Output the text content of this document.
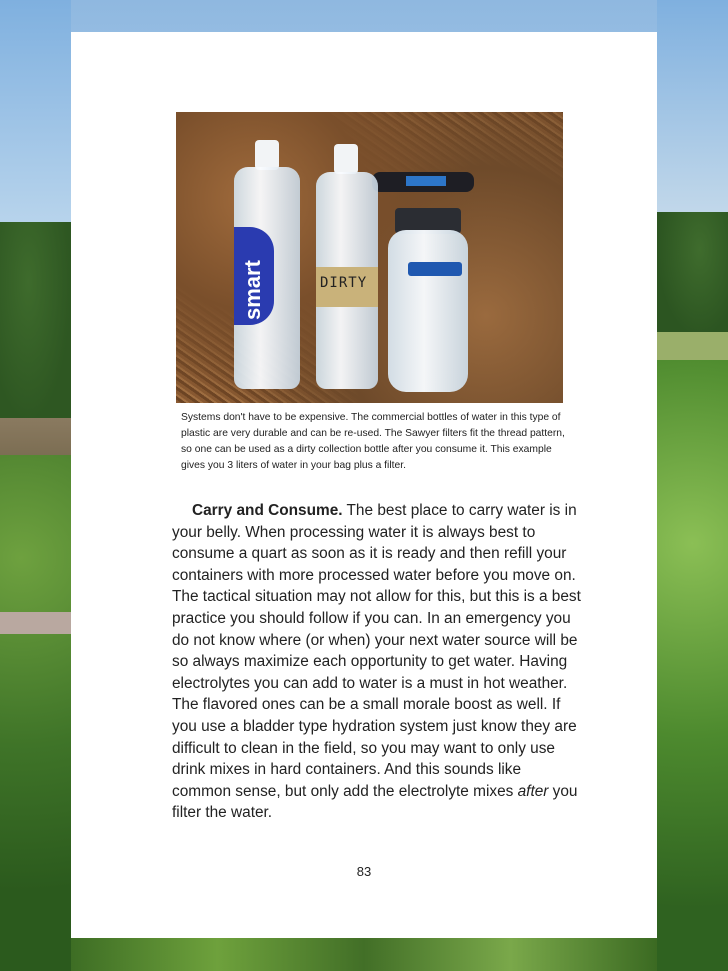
smart	DIRTY
Systems don't have to be expensive. The commercial bottles of water in this type of plastic are very durable and can be re-used. The Sawyer filters fit the thread pattern, so one can be used as a dirty collection bottle after you consume it. This example gives you 3 liters of water in your bag plus a filter.
Carry and Consume. The best place to carry water is in your belly. When processing water it is always best to consume a quart as soon as it is ready and then refill your containers with more processed water before you move on. The tactical situation may not allow for this, but this is a best practice you should follow if you can. In an emergency you do not know where (or when) your next water source will be so always maximize each opportunity to get water. Having electrolytes you can add to water is a must in hot weather. The flavored ones can be a small morale boost as well. If you use a bladder type hydration system just know they are difficult to clean in the field, so you may want to only use drink mixes in hard containers. And this sounds like common sense, but only add the electrolyte mixes after you filter the water.
83
